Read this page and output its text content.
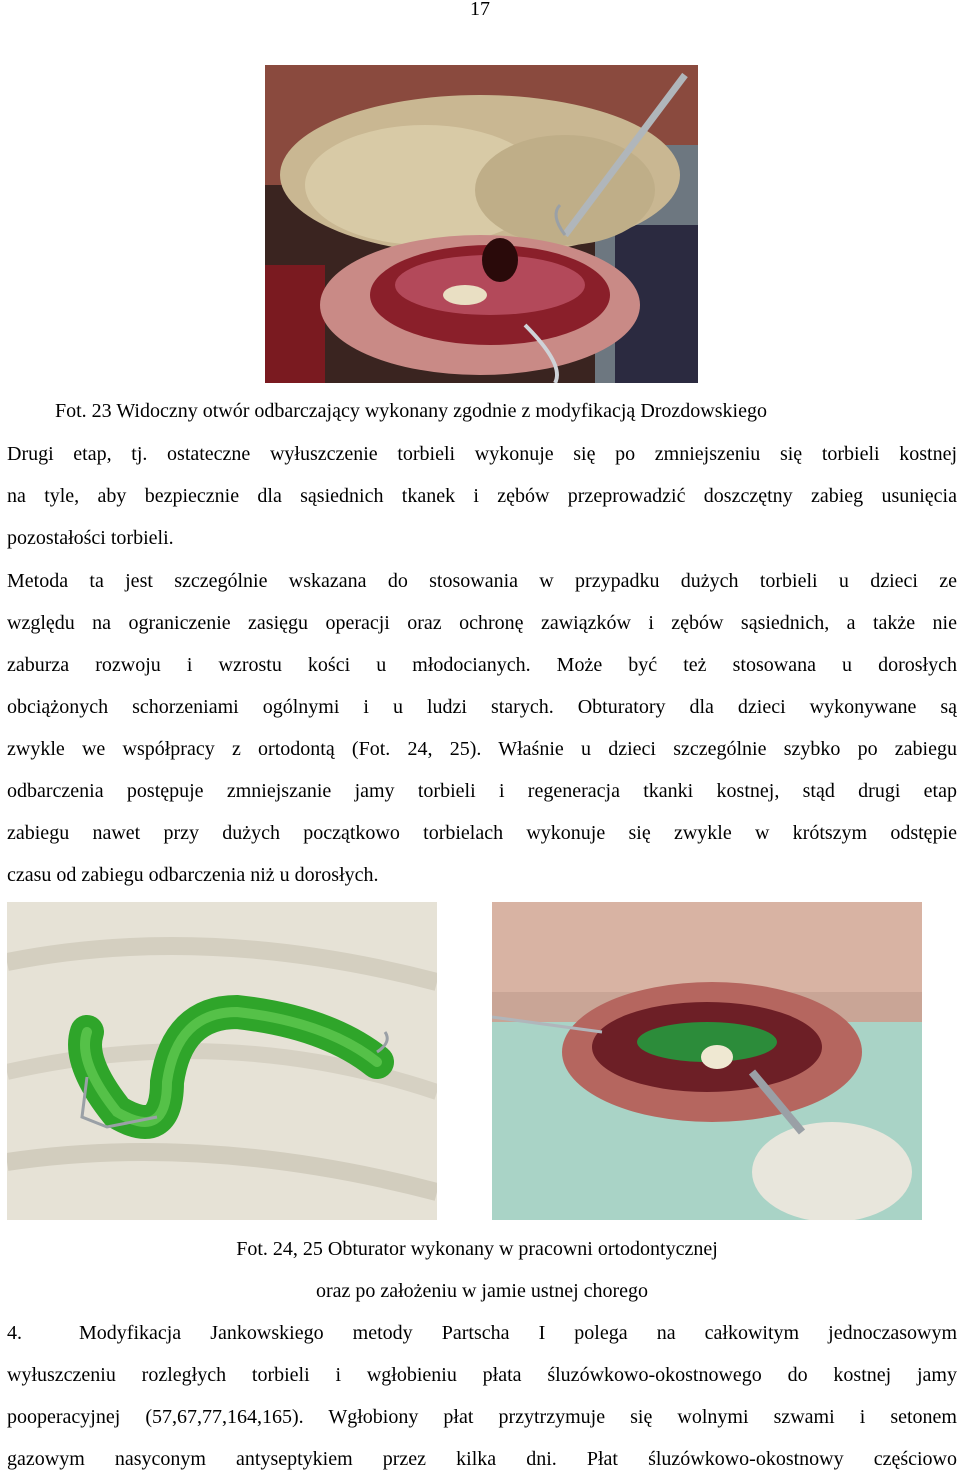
17
Fot. 23 Widoczny otwór odbarczający wykonany zgodnie z modyfikacją Drozdowskiego
Drugi etap, tj. ostateczne wyłuszczenie torbieli wykonuje się po zmniejszeniu się torbieli kostnej
na tyle, aby bezpiecznie dla sąsiednich tkanek i zębów przeprowadzić doszczętny zabieg usunięcia
pozostałości torbieli.
Metoda ta jest szczególnie wskazana do stosowania w przypadku dużych torbieli u dzieci ze
względu na ograniczenie zasięgu operacji oraz ochronę zawiązków i zębów sąsiednich, a także nie
zaburza rozwoju i wzrostu kości u młodocianych. Może być też stosowana u dorosłych
obciążonych schorzeniami ogólnymi i u ludzi starych. Obturatory dla dzieci wykonywane są
zwykle we współpracy z ortodontą (Fot. 24, 25). Właśnie u dzieci szczególnie szybko po zabiegu
odbarczenia postępuje zmniejszanie jamy torbieli i regeneracja tkanki kostnej, stąd drugi etap
zabiegu nawet przy dużych początkowo torbielach wykonuje się zwykle w krótszym odstępie
czasu od zabiegu odbarczenia niż u dorosłych.
Fot. 24, 25 Obturator wykonany w pracowni ortodontycznej
oraz po założeniu w jamie ustnej chorego
4.	Modyfikacja Jankowskiego metody Partscha I polega na całkowitym jednoczasowym
wyłuszczeniu rozległych torbieli i wgłobieniu płata śluzówkowo-okostnowego do kostnej jamy
pooperacyjnej (57,67,77,164,165). Wgłobiony płat przytrzymuje się wolnymi szwami i setonem
gazowym nasyconym antyseptykiem przez kilka dni. Płat śluzówkowo-okostnowy częściowo
